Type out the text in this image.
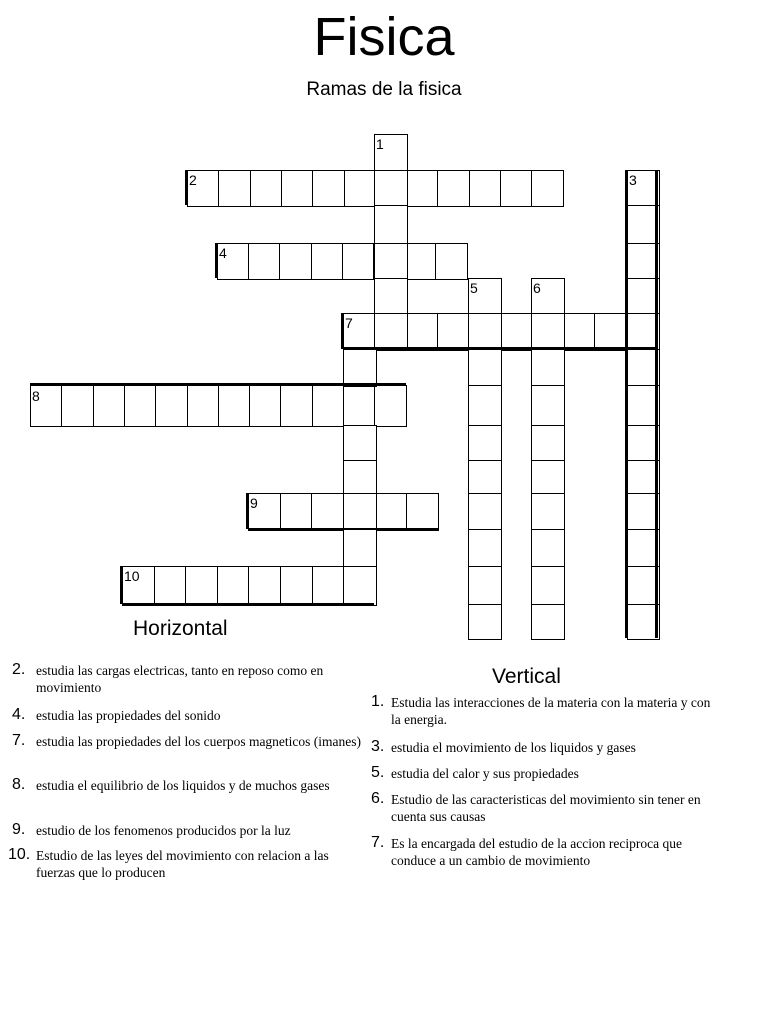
Fisica
Ramas de la fisica
1
2	3
4
5	6
7
8
9
10
Horizontal
Vertical
2. estudia las cargas electricas, tanto en reposo como en movimiento
4. estudia las propiedades del sonido
7. estudia las propiedades del los cuerpos magneticos (imanes)
8. estudia el equilibrio de los liquidos y de muchos gases
9. estudio de los fenomenos producidos por la luz
10. Estudio de las leyes del movimiento con relacion a las fuerzas que lo producen
1. Estudia las interacciones de la materia con la materia y con la energia.
3. estudia el movimiento de los liquidos y gases
5. estudia del calor y sus propiedades
6. Estudio de las caracteristicas del movimiento sin tener en cuenta sus causas
7. Es la encargada del estudio de la accion reciproca que conduce a un cambio de movimiento
